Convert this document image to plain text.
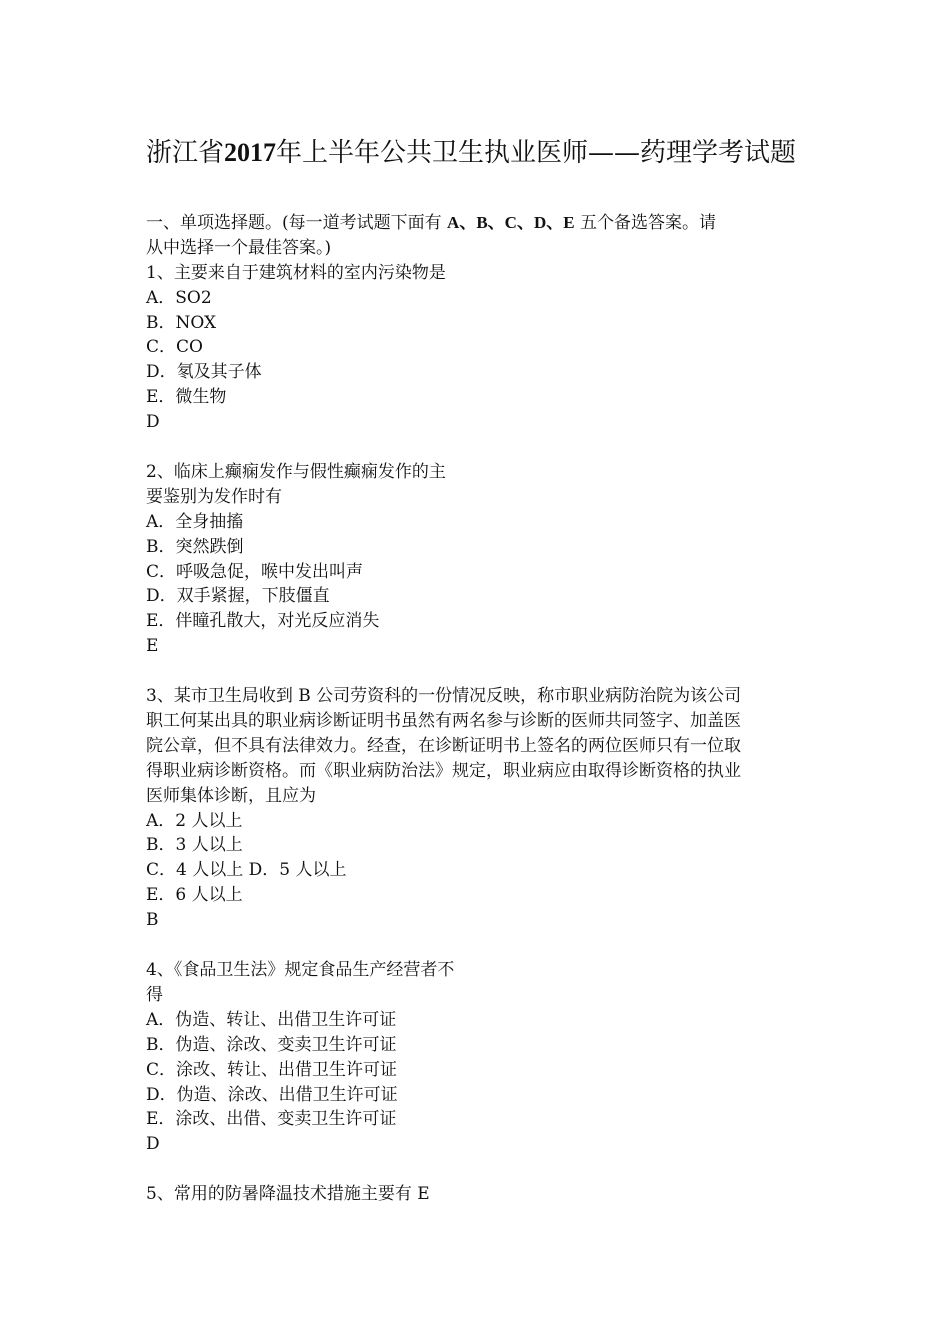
浙江省2017年上半年公共卫生执业医师——药理学考试题
一、单项选择题。(每一道考试题下面有 A、B、C、D、E 五个备选答案。请
从中选择一个最佳答案。)
1、主要来自于建筑材料的室内污染物是
A．SO2
B．NOX
C．CO
D．氡及其子体
E．微生物
D
2、临床上癫痫发作与假性癫痫发作的主
要鉴别为发作时有
A．全身抽搐
B．突然跌倒
C．呼吸急促，喉中发出叫声
D．双手紧握，下肢僵直
E．伴瞳孔散大，对光反应消失
E
3、某市卫生局收到 B 公司劳资科的一份情况反映，称市职业病防治院为该公司
职工何某出具的职业病诊断证明书虽然有两名参与诊断的医师共同签字、加盖医
院公章，但不具有法律效力。经查，在诊断证明书上签名的两位医师只有一位取
得职业病诊断资格。而《职业病防治法》规定，职业病应由取得诊断资格的执业
医师集体诊断，且应为
A．2 人以上
B．3 人以上
C．4 人以上 D．5 人以上
E．6 人以上
B
4、《食品卫生法》规定食品生产经营者不
得
A．伪造、转让、出借卫生许可证
B．伪造、涂改、变卖卫生许可证
C．涂改、转让、出借卫生许可证
D．伪造、涂改、出借卫生许可证
E．涂改、出借、变卖卫生许可证
D
5、常用的防暑降温技术措施主要有 E
